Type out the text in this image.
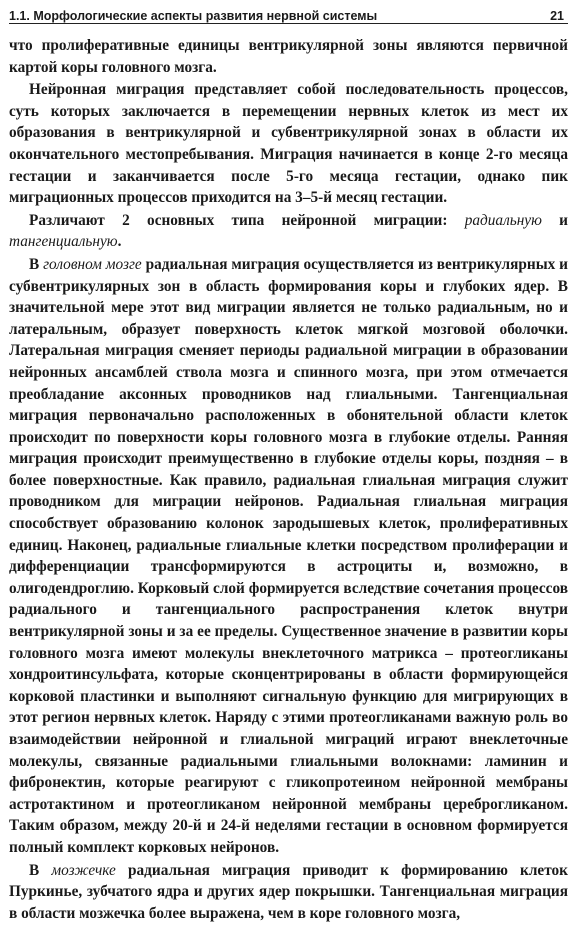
1.1. Морфологические аспекты развития нервной системы	21

что пролиферативные единицы вентрикулярной зоны являются первичной картой коры головного мозга.

Нейронная миграция представляет собой последовательность процессов, суть которых заключается в перемещении нервных клеток из мест их образования в вентрикулярной и субвентрикулярной зонах в области их окончательного местопребывания. Миграция начинается в конце 2-го месяца гестации и заканчивается после 5-го месяца гестации, однако пик миграционных процессов приходится на 3–5-й месяц гестации.

Различают 2 основных типа нейронной миграции: радиальную и тангенциальную.

В головном мозге радиальная миграция осуществляется из вентрикулярных и субвентрикулярных зон в область формирования коры и глубоких ядер. В значительной мере этот вид миграции является не только радиальным, но и латеральным, образует поверхность клеток мягкой мозговой оболочки. Латеральная миграция сменяет периоды радиальной миграции в образовании нейронных ансамблей ствола мозга и спинного мозга, при этом отмечается преобладание аксонных проводников над глиальными. Тангенциальная миграция первоначально расположенных в обонятельной области клеток происходит по поверхности коры головного мозга в глубокие отделы. Ранняя миграция происходит преимущественно в глубокие отделы коры, поздняя – в более поверхностные. Как правило, радиальная глиальная миграция служит проводником для миграции нейронов. Радиальная глиальная миграция способствует образованию колонок зародышевых клеток, пролиферативных единиц. Наконец, радиальные глиальные клетки посредством пролиферации и дифференциации трансформируются в астроциты и, возможно, в олигодендроглию. Корковый слой формируется вследствие сочетания процессов радиального и тангенциального распространения клеток внутри вентрикулярной зоны и за ее пределы. Существенное значение в развитии коры головного мозга имеют молекулы внеклеточного матрикса – протеогликаны хондроитинсульфата, которые сконцентрированы в области формирующейся корковой пластинки и выполняют сигнальную функцию для мигрирующих в этот регион нервных клеток. Наряду с этими протеогликанами важную роль во взаимодействии нейронной и глиальной миграций играют внеклеточные молекулы, связанные радиальными глиальными волокнами: ламинин и фибронектин, которые реагируют с гликопротеином нейронной мембраны астротактином и протеогликаном нейронной мембраны цереброгликаном. Таким образом, между 20-й и 24-й неделями гестации в основном формируется полный комплект корковых нейронов.

В мозжечке радиальная миграция приводит к формированию клеток Пуркинье, зубчатого ядра и других ядер покрышки. Тангенциальная миграция в области мозжечка более выражена, чем в коре головного мозга,
